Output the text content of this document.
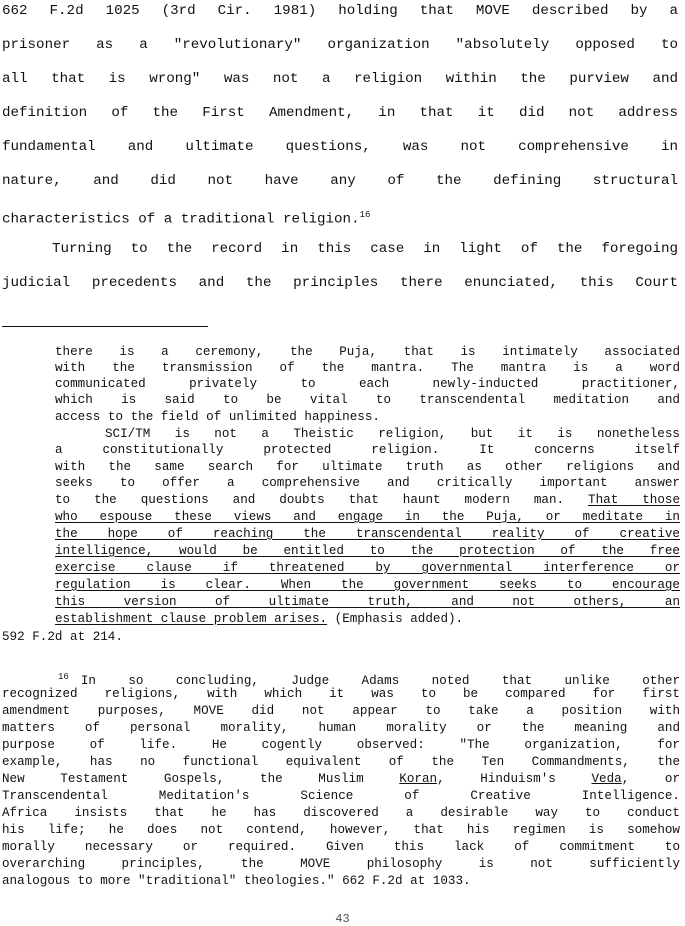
662 F.2d 1025 (3rd Cir. 1981) holding that MOVE described by a
prisoner as a "revolutionary" organization "absolutely opposed to
all that is wrong" was not a religion within the purview and
definition of the First Amendment, in that it did not address
fundamental and ultimate questions, was not comprehensive in
nature, and did not have any of the defining structural
characteristics of a traditional religion.$^{16}$
Turning to the record in this case in light of the foregoing
judicial precedents and the principles there enunciated, this Court
there is a ceremony, the Puja, that is intimately associated
with the transmission of the mantra. The mantra is a word
communicated privately to each newly-inducted practitioner,
which is said to be vital to transcendental meditation and
access to the field of unlimited happiness.
SCI/TM is not a Theistic religion, but it is nonetheless
a constitutionally protected religion. It concerns itself
with the same search for ultimate truth as other religions and
seeks to offer a comprehensive and critically important answer
to the questions and doubts that haunt modern man. That those
who espouse these views and engage in the Puja, or meditate in
the hope of reaching the transcendental reality of creative
intelligence, would be entitled to the protection of the free
exercise clause if threatened by governmental interference or
regulation is clear. When the government seeks to encourage
this version of ultimate truth, and not others, an
establishment clause problem arises. (Emphasis added).
592 F.2d at 214.
$^{16}$ In so concluding, Judge Adams noted that unlike other
recognized religions, with which it was to be compared for first
amendment purposes, MOVE did not appear to take a position with
matters of personal morality, human morality or the meaning and
purpose of life. He cogently observed: "The organization, for
example, has no functional equivalent of the Ten Commandments, the
New Testament Gospels, the Muslim Koran, Hinduism's Veda, or
Transcendental Meditation's Science of Creative Intelligence.
Africa insists that he has discovered a desirable way to conduct
his life; he does not contend, however, that his regimen is somehow
morally necessary or required. Given this lack of commitment to
overarching principles, the MOVE philosophy is not sufficiently
analogous to more "traditional" theologies." 662 F.2d at 1033.
43
